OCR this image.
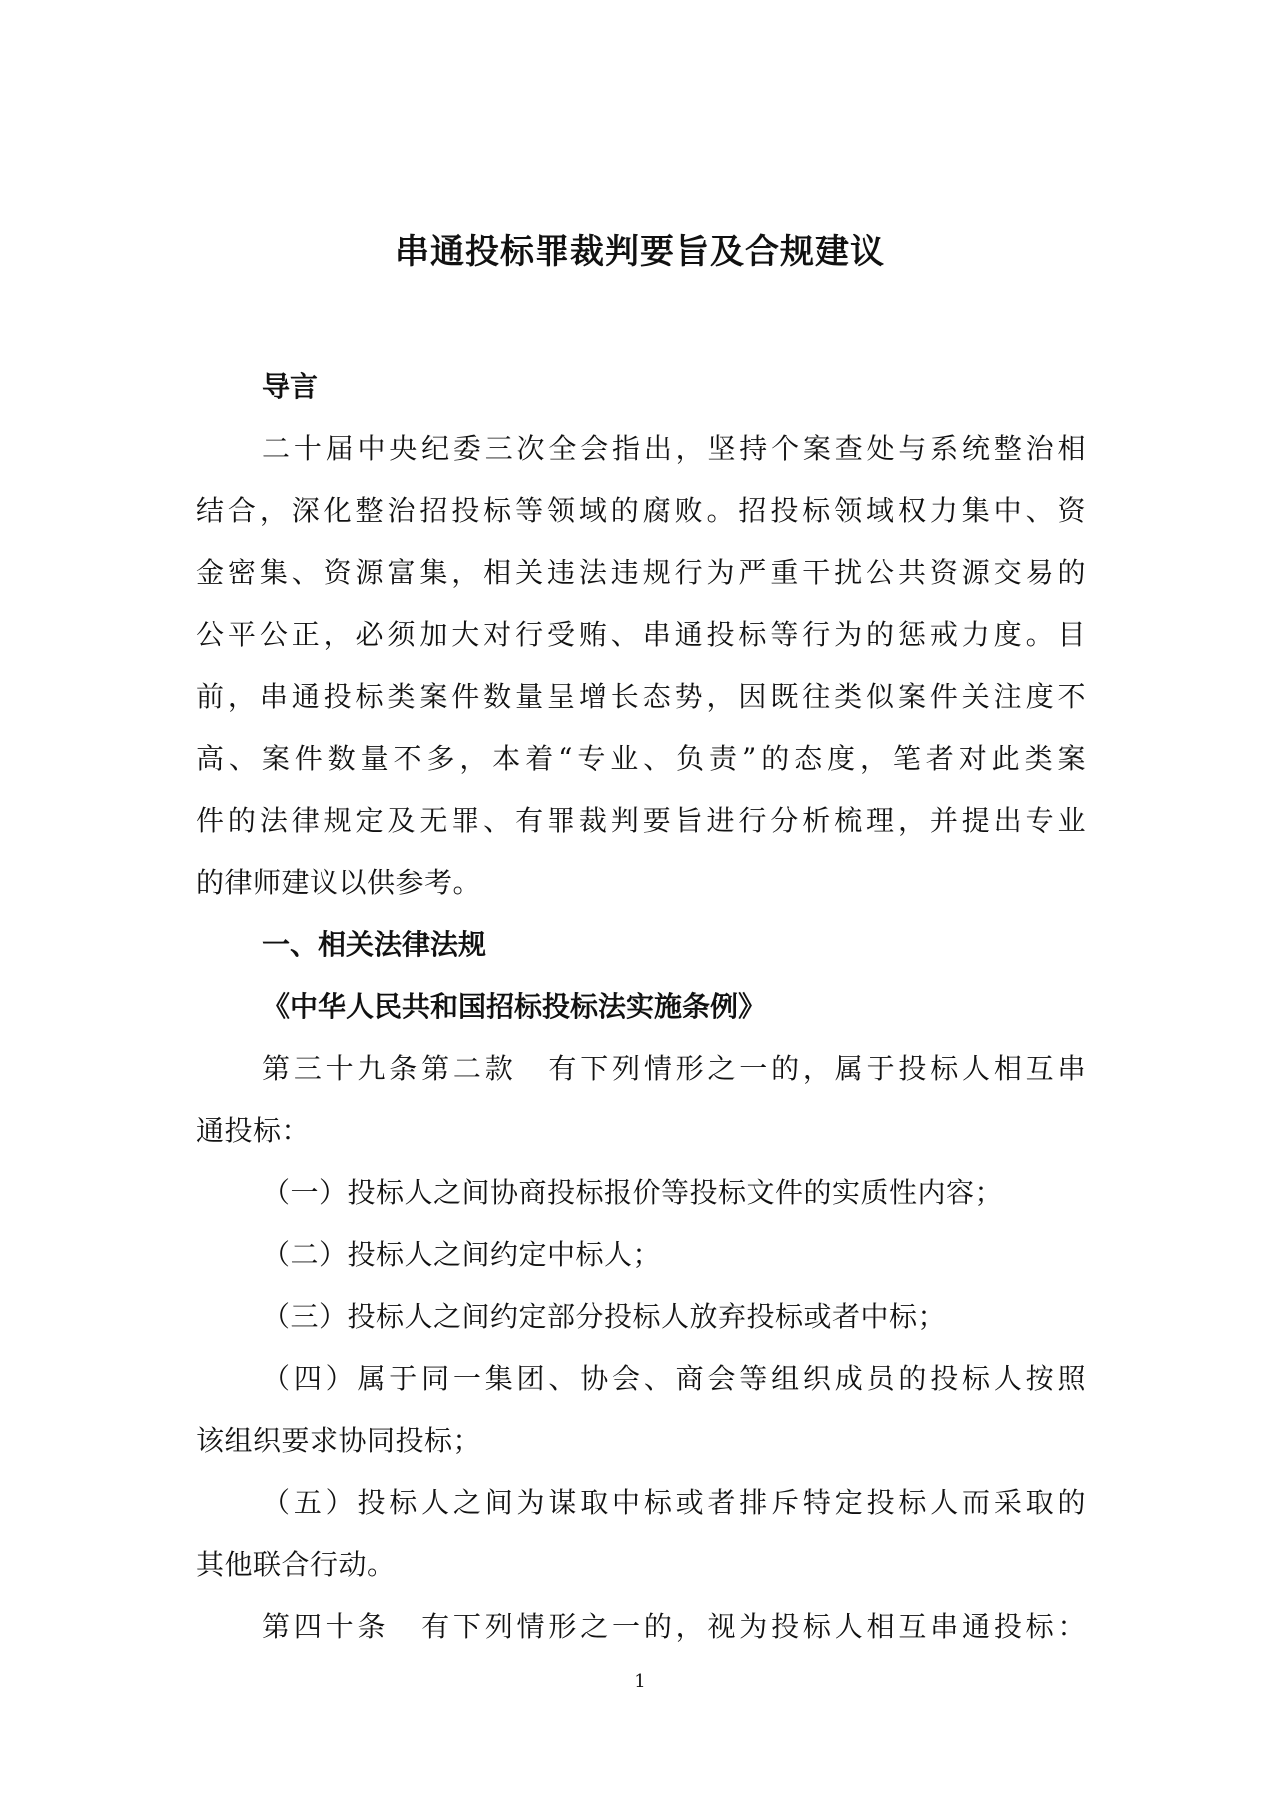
串通投标罪裁判要旨及合规建议

导言

二十届中央纪委三次全会指出，坚持个案查处与系统整治相

结合，深化整治招投标等领域的腐败。招投标领域权力集中、资

金密集、资源富集，相关违法违规行为严重干扰公共资源交易的

公平公正，必须加大对行受贿、串通投标等行为的惩戒力度。目

前，串通投标类案件数量呈增长态势，因既往类似案件关注度不

高、案件数量不多，本着“专业、负责”的态度，笔者对此类案

件的法律规定及无罪、有罪裁判要旨进行分析梳理，并提出专业

的律师建议以供参考。

一、相关法律法规

《中华人民共和国招标投标法实施条例》

第三十九条第二款　有下列情形之一的，属于投标人相互串

通投标：

（一）投标人之间协商投标报价等投标文件的实质性内容；

（二）投标人之间约定中标人；

（三）投标人之间约定部分投标人放弃投标或者中标；

（四）属于同一集团、协会、商会等组织成员的投标人按照

该组织要求协同投标；

（五）投标人之间为谋取中标或者排斥特定投标人而采取的

其他联合行动。

第四十条　有下列情形之一的，视为投标人相互串通投标：

1
